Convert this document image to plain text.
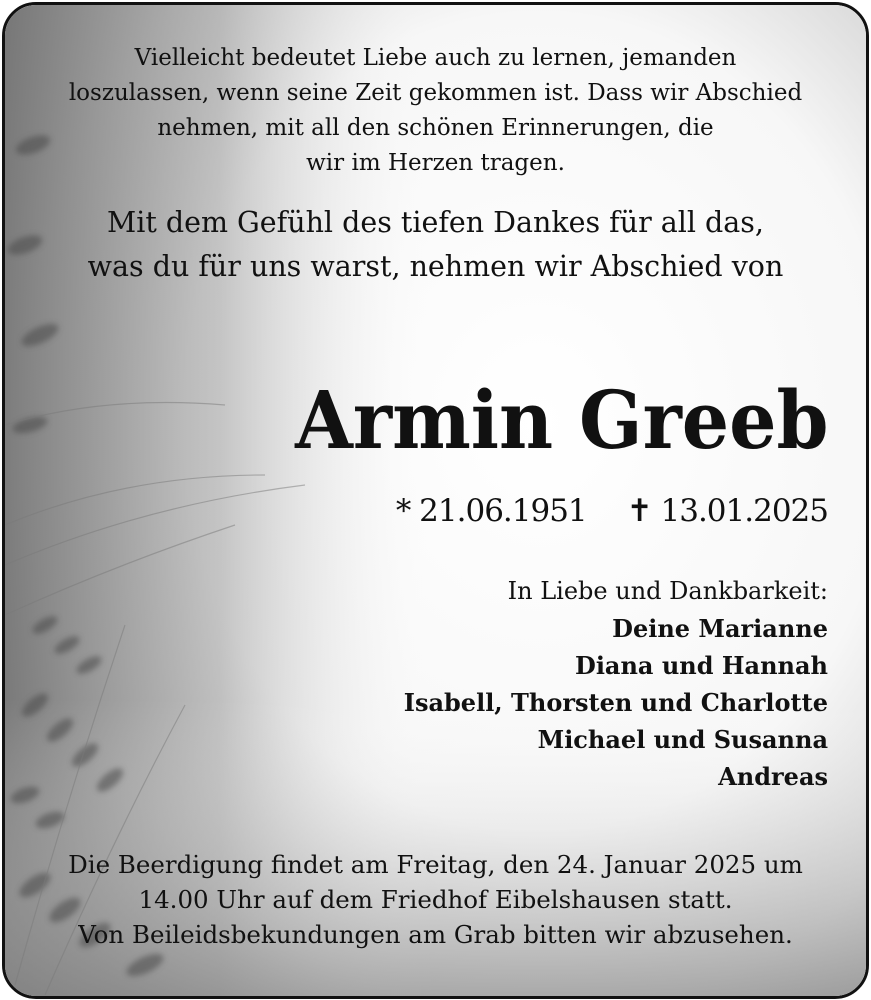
Vielleicht bedeutet Liebe auch zu lernen, jemanden
loszulassen, wenn seine Zeit gekommen ist. Dass wir Abschied
nehmen, mit all den schönen Erinnerungen, die
wir im Herzen tragen.
Mit dem Gefühl des tiefen Dankes für all das,
was du für uns warst, nehmen wir Abschied von
Armin Greeb
* 21.06.1951 ✝ 13.01.2025
In Liebe und Dankbarkeit:
Deine Marianne
Diana und Hannah
Isabell, Thorsten und Charlotte
Michael und Susanna
Andreas
Die Beerdigung findet am Freitag, den 24. Januar 2025 um
14.00 Uhr auf dem Friedhof Eibelshausen statt.
Von Beileidsbekundungen am Grab bitten wir abzusehen.
